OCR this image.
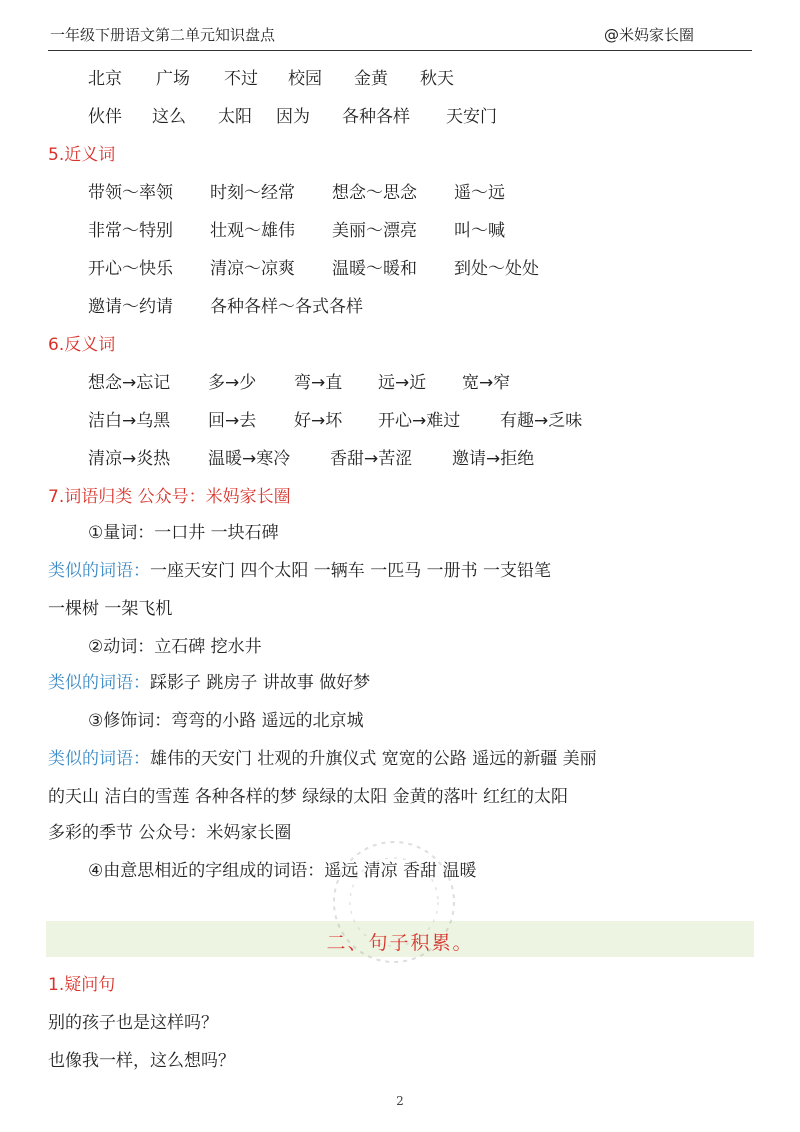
一年级下册语文第二单元知识盘点	@米妈家长圈
北京 广场 不过 校园 金黄 秋天
伙伴 这么 太阳 因为 各种各样 天安门
5.近义词
带领～率领 时刻～经常 想念～思念 遥～远
非常～特别 壮观～雄伟 美丽～漂亮 叫～喊
开心～快乐 清凉～凉爽 温暖～暖和 到处～处处
邀请～约请 各种各样～各式各样
6.反义词
想念→忘记 多→少 弯→直 远→近 宽→窄
洁白→乌黑 回→去 好→坏 开心→难过 有趣→乏味
清凉→炎热 温暖→寒冷 香甜→苦涩 邀请→拒绝
7.词语归类 公众号：米妈家长圈
①量词：一口井 一块石碑
类似的词语：一座天安门 四个太阳 一辆车 一匹马 一册书 一支铅笔
一棵树 一架飞机
②动词：立石碑 挖水井
类似的词语：踩影子 跳房子 讲故事 做好梦
③修饰词：弯弯的小路 遥远的北京城
类似的词语：雄伟的天安门 壮观的升旗仪式 宽宽的公路 遥远的新疆 美丽
的天山 洁白的雪莲 各种各样的梦 绿绿的太阳 金黄的落叶 红红的太阳
多彩的季节 公众号：米妈家长圈
④由意思相近的字组成的词语：遥远 清凉 香甜 温暖
二、句子积累。
1.疑问句
别的孩子也是这样吗？
也像我一样，这么想吗？
2
